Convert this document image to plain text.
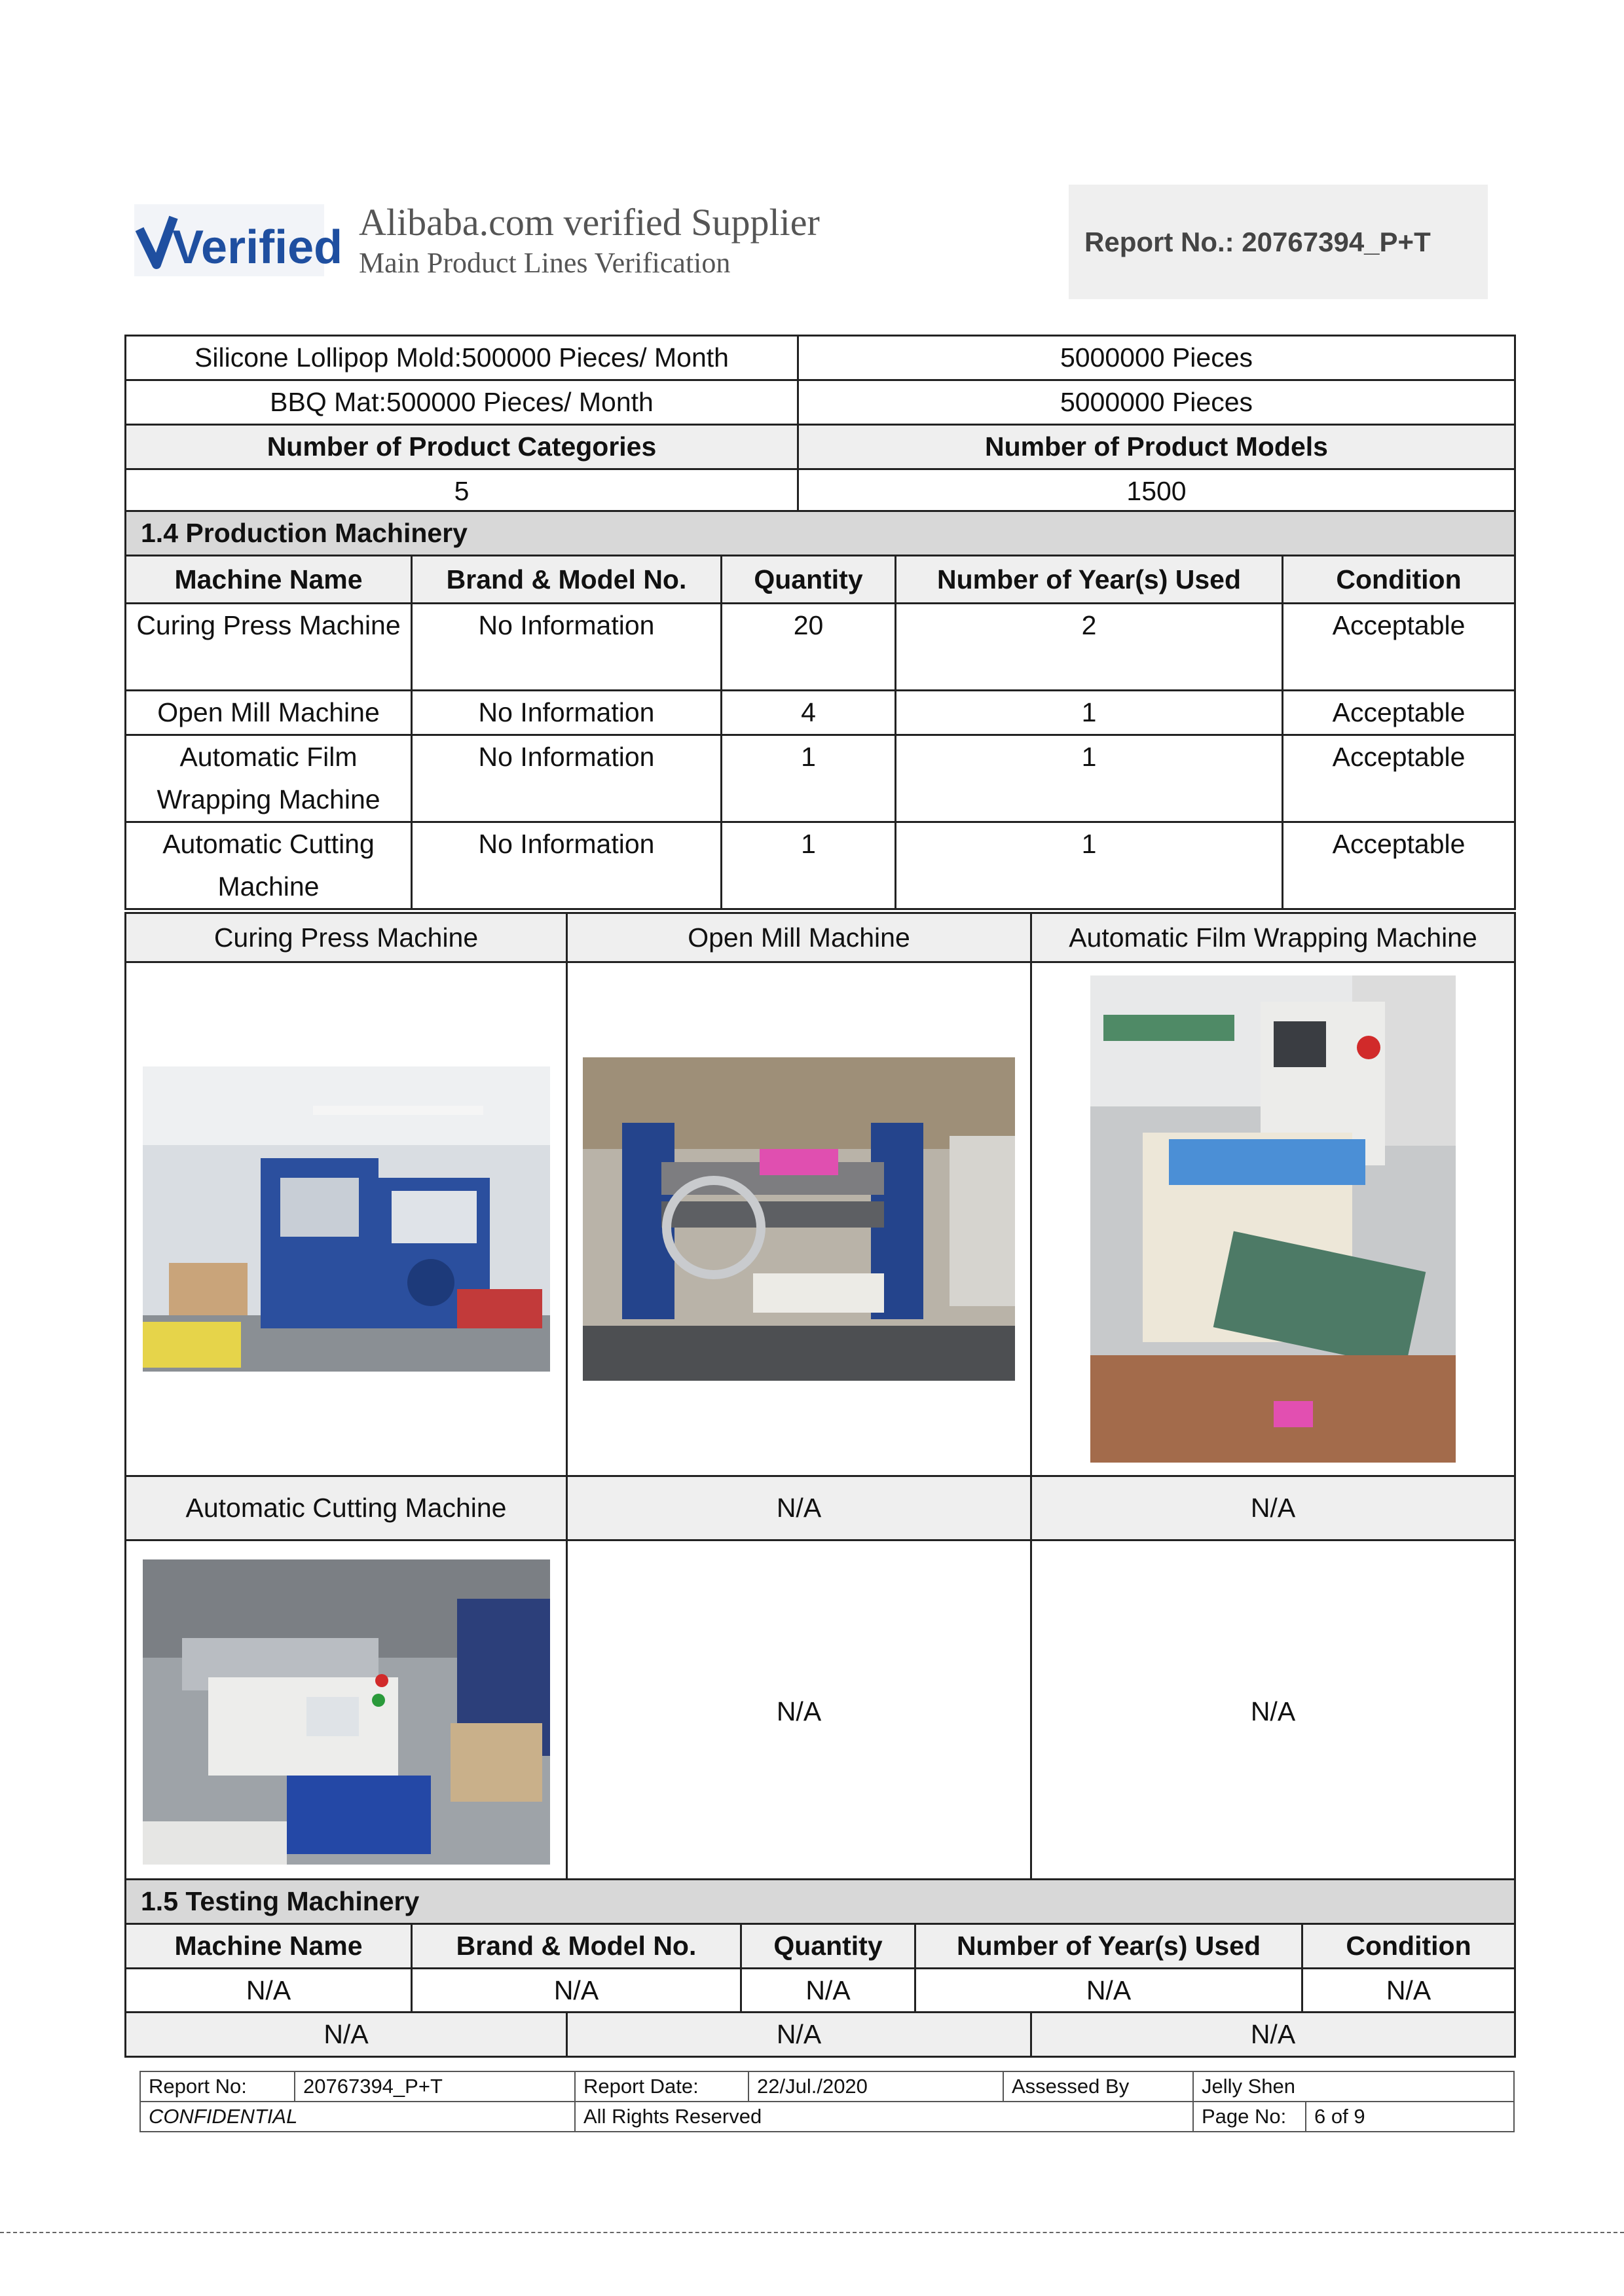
Verified Alibaba.com verified Supplier
Main Product Lines Verification
Report No.: 20767394_P+T
Silicone Lollipop Mold:500000 Pieces/ Month	5000000 Pieces
BBQ Mat:500000 Pieces/ Month	5000000 Pieces
Number of Product Categories	Number of Product Models
5	1500
1.4 Production Machinery				
Machine Name	Brand & Model No.	Quantity	Number of Year(s) Used	Condition
Curing Press Machine	No Information	20	2	Acceptable
Open Mill Machine	No Information	4	1	Acceptable
Automatic Film Wrapping Machine	No Information	1	1	Acceptable
Automatic Cutting Machine	No Information	1	1	Acceptable
Curing Press Machine	Open Mill Machine	Automatic Film Wrapping Machine

Automatic Cutting Machine	N/A	N/A

	N/A	N/A
1.5 Testing Machinery				
Machine Name	Brand & Model No.	Quantity	Number of Year(s) Used	Condition
N/A	N/A	N/A	N/A	N/A
N/A	N/A	N/A
Report No:	20767394_P+T	Report Date:	22/Jul./2020	Assessed By	Jelly Shen	
CONFIDENTIAL		All Rights Reserved			Page No:	6 of 9
